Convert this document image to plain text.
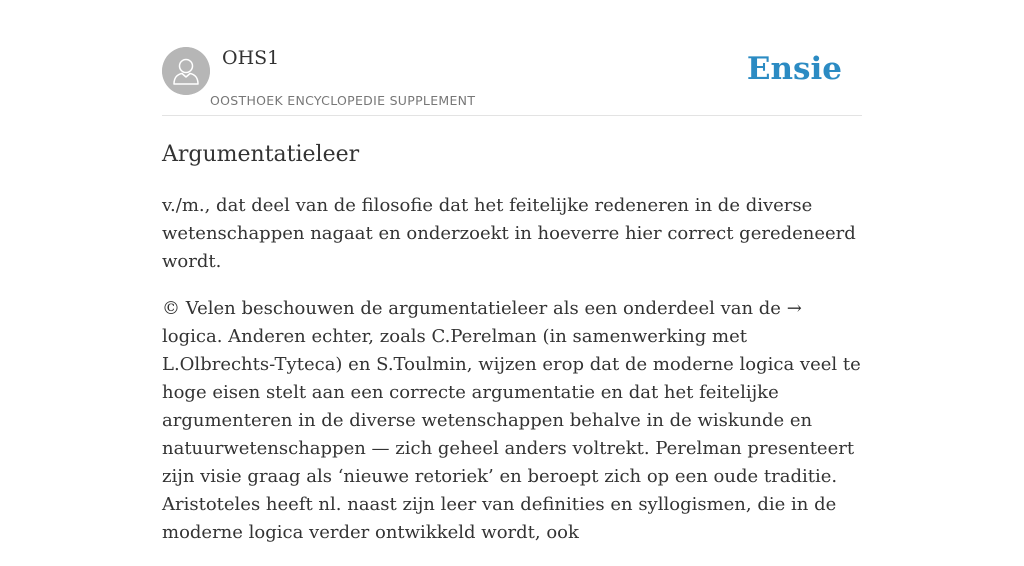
OHS1
OOSTHOEK ENCYCLOPEDIE SUPPLEMENT
Ensie
Argumentatieleer

v./m., dat deel van de filosofie dat het feitelijke redeneren in de diverse wetenschappen nagaat en onderzoekt in hoeverre hier correct geredeneerd wordt.

© Velen beschouwen de argumentatieleer als een onderdeel van de → logica. Anderen echter, zoals C.Perelman (in samenwerking met L.Olbrechts-Tyteca) en S.Toulmin, wijzen erop dat de moderne logica veel te hoge eisen stelt aan een correcte argumentatie en dat het feitelijke argumenteren in de diverse wetenschappen behalve in de wiskunde en natuurwetenschappen — zich geheel anders voltrekt. Perelman presenteert zijn visie graag als ‘nieuwe retoriek’ en beroept zich op een oude traditie. Aristoteles heeft nl. naast zijn leer van definities en syllogismen, die in de moderne logica verder ontwikkeld wordt, ook
